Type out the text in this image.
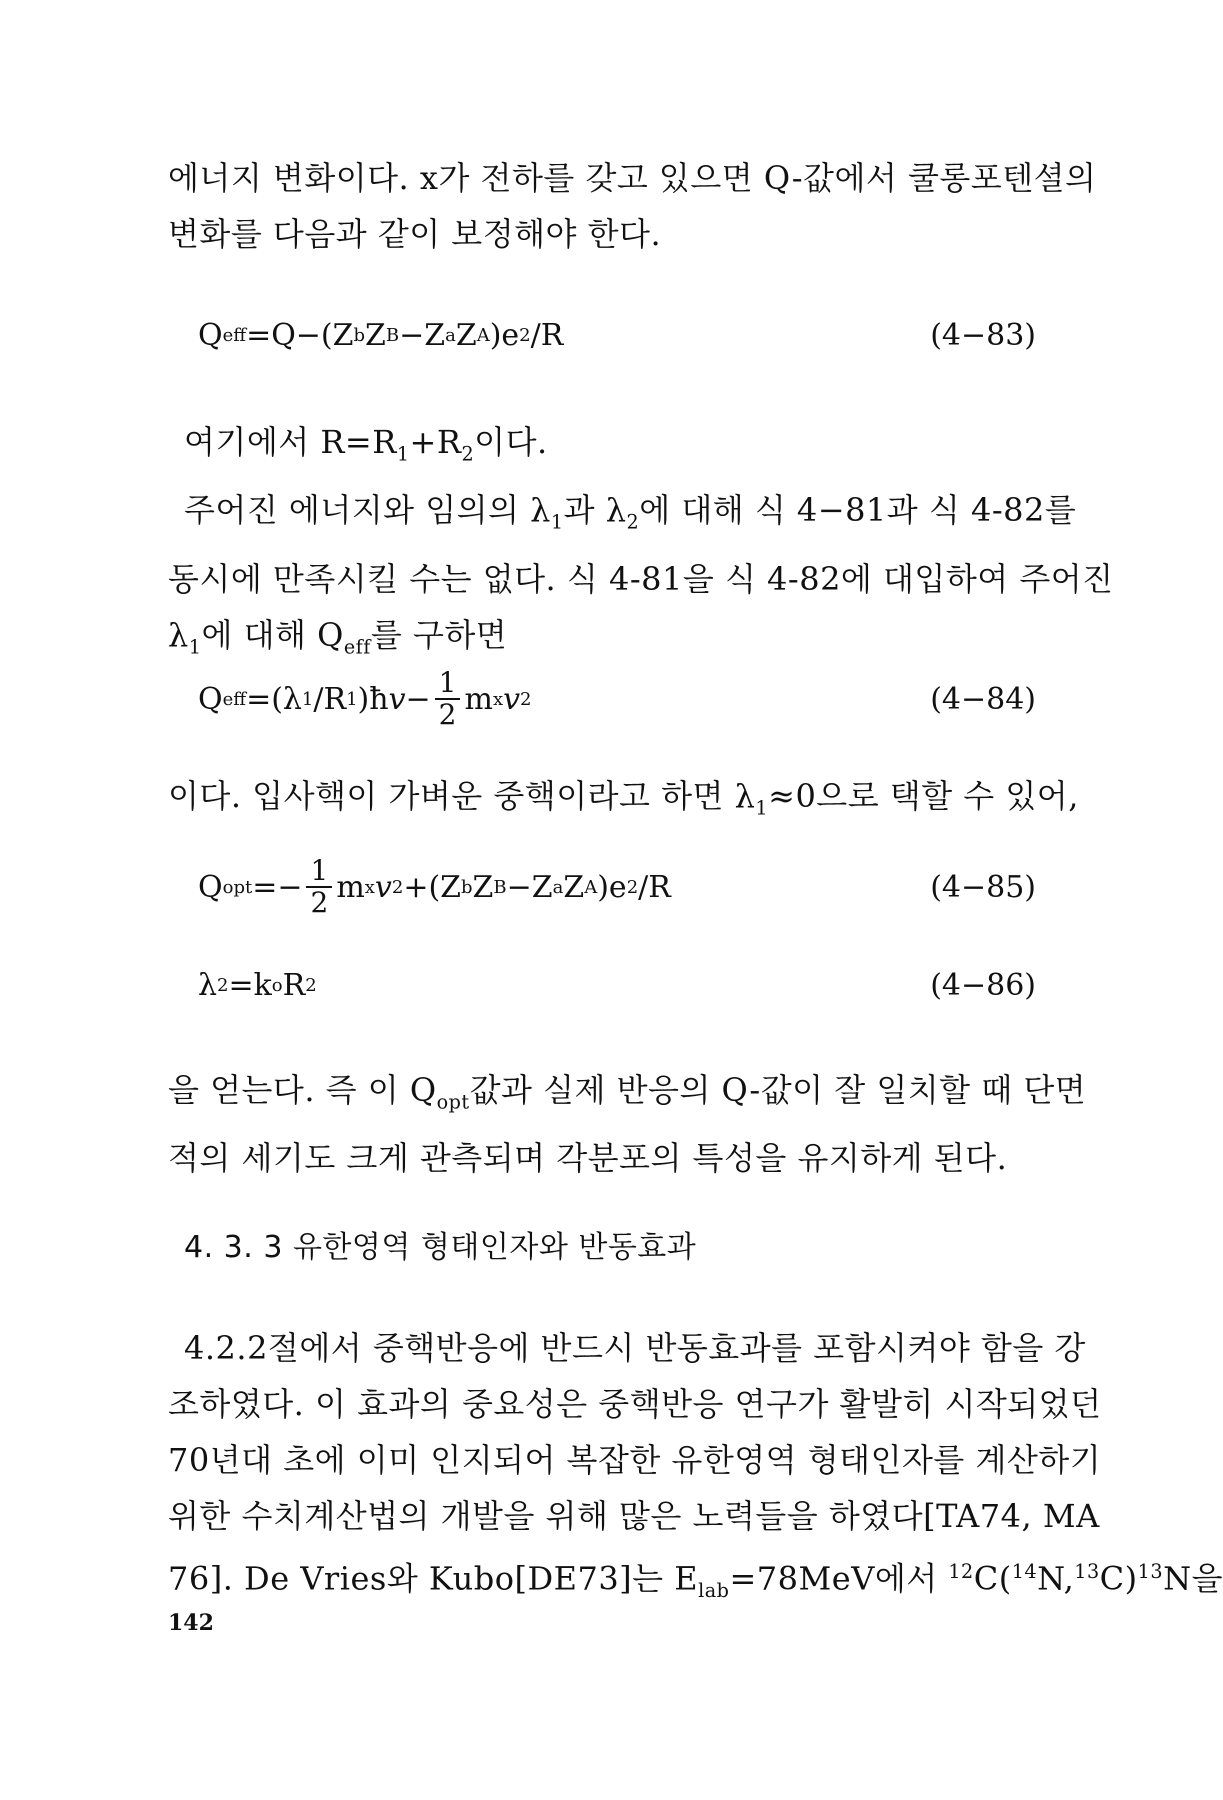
에너지 변화이다. x가 전하를 갖고 있으면 Q-값에서 쿨롱포텐셜의
변화를 다음과 같이 보정해야 한다.
Q eff =Q−(Z b Z B −Z a Z A )e 2 /R	(4−83)
여기에서 $R=R_1+R_2$이다.
주어진 에너지와 임의의 $\lambda_1$과 $\lambda_2$에 대해 식 4−81과 식 4-82를
동시에 만족시킬 수는 없다. 식 4-81을 식 4-82에 대입하여 주어진
$\lambda_1$에 대해 $Q_{eff}$를 구하면
Q eff =(λ 1 /R 1 )ħ $v - \frac{1}{2}$ m x v 2	(4−84)
이다. 입사핵이 가벼운 중핵이라고 하면 $\lambda_1\approx 0$으로 택할 수 있어,
Q opt =− $\frac{1}{2}$ m x v 2 +(Z b Z B −Z a Z A )e 2 /R	(4−85)
λ 2 =k o R 2	(4−86)
을 얻는다. 즉 이 $Q_{opt}$값과 실제 반응의 Q-값이 잘 일치할 때 단면
적의 세기도 크게 관측되며 각분포의 특성을 유지하게 된다.
4. 3. 3 유한영역 형태인자와 반동효과
4.2.2절에서 중핵반응에 반드시 반동효과를 포함시켜야 함을 강
조하였다. 이 효과의 중요성은 중핵반응 연구가 활발히 시작되었던
70년대 초에 이미 인지되어 복잡한 유한영역 형태인자를 계산하기
위한 수치계산법의 개발을 위해 많은 노력들을 하였다[TA74, MA
76]. De Vries와 Kubo[DE73]는 $E_{lab}=78MeV$에서 $^{12}C(^{14}N,^{13}C)^{13}N$을
142
